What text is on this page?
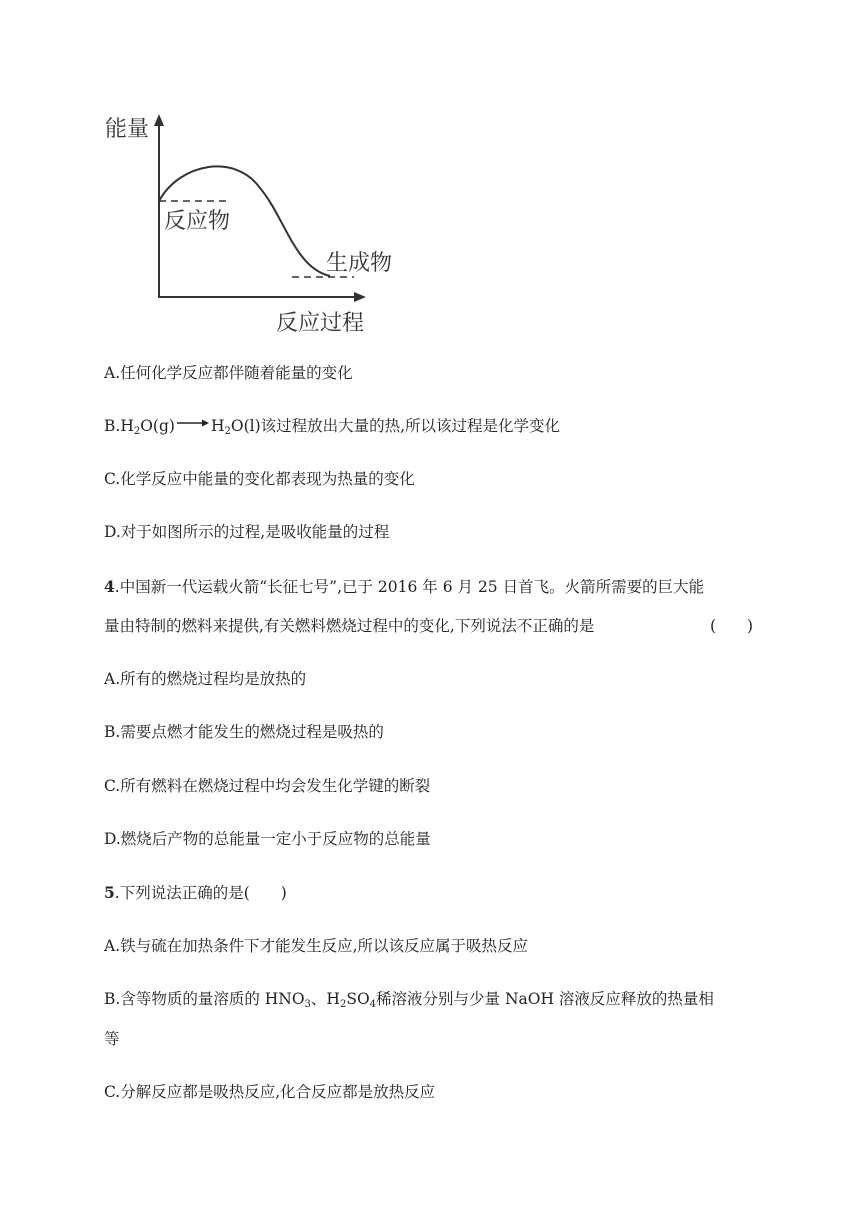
能量
反应物
生成物
反应过程
A.任何化学反应都伴随着能量的变化
$B.H_2O(g)\to H_2O(l)$该过程放出大量的热,所以该过程是化学变化
C.化学反应中能量的变化都表现为热量的变化
D.对于如图所示的过程,是吸收能量的过程
4.中国新一代运载火箭“长征七号”,已于 2016 年 6 月 25 日首飞。火箭所需要的巨大能
量由特制的燃料来提供,有关燃料燃烧过程中的变化,下列说法不正确的是	(　　)
A.所有的燃烧过程均是放热的
B.需要点燃才能发生的燃烧过程是吸热的
C.所有燃料在燃烧过程中均会发生化学键的断裂
D.燃烧后产物的总能量一定小于反应物的总能量
5.下列说法正确的是(　　)
A.铁与硫在加热条件下才能发生反应,所以该反应属于吸热反应
B.含等物质的量溶质的 $HNO_3$、$H_2SO_4$稀溶液分别与少量 NaOH 溶液反应释放的热量相
等
C.分解反应都是吸热反应,化合反应都是放热反应
